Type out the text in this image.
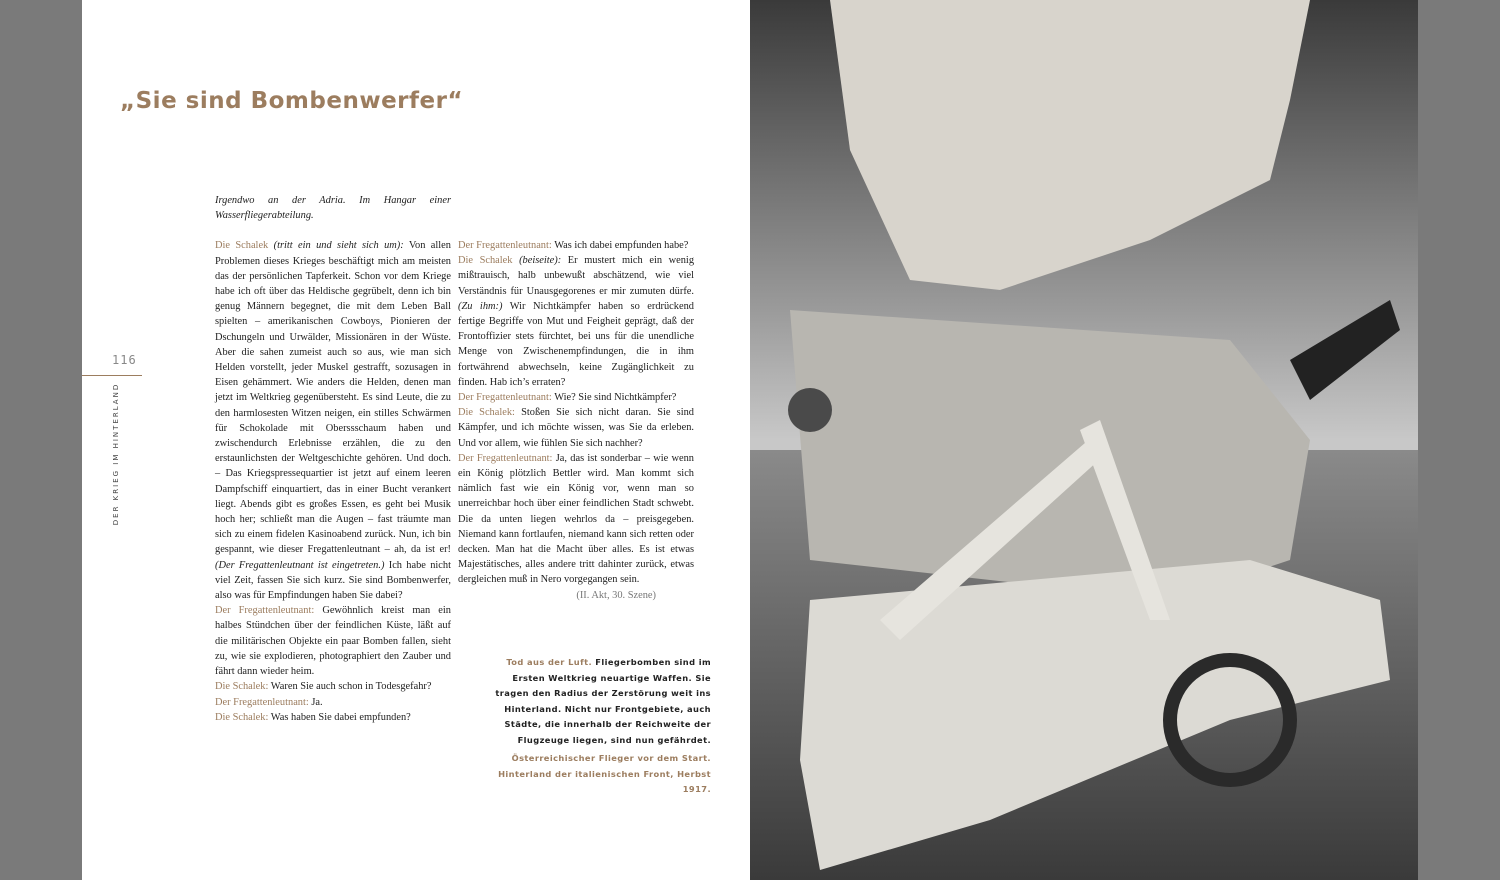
„Sie sind Bombenwerfer“
116
DER KRIEG IM HINTERLAND

Irgendwo an der Adria. Im Hangar einer Wasserfliegerabteilung.

Die Schalek (tritt ein und sieht sich um): Von allen Problemen dieses Krieges beschäftigt mich am meisten das der persönlichen Tapferkeit. Schon vor dem Kriege habe ich oft über das Heldische gegrübelt, denn ich bin genug Männern begegnet, die mit dem Leben Ball spielten – amerikanischen Cowboys, Pionieren der Dschungeln und Urwälder, Missionären in der Wüste. Aber die sahen zumeist auch so aus, wie man sich Helden vorstellt, jeder Muskel gestrafft, sozusagen in Eisen gehämmert. Wie anders die Helden, denen man jetzt im Weltkrieg gegenübersteht. Es sind Leute, die zu den harmlosesten Witzen neigen, ein stilles Schwärmen für Schokolade mit Oberssschaum haben und zwischendurch Erlebnisse erzählen, die zu den erstaunlichsten der Weltgeschichte gehören. Und doch. – Das Kriegspressequartier ist jetzt auf einem leeren Dampfschiff einquartiert, das in einer Bucht verankert liegt. Abends gibt es großes Essen, es geht bei Musik hoch her; schließt man die Augen – fast träumte man sich zu einem fidelen Kasinoabend zurück. Nun, ich bin gespannt, wie dieser Fregattenleutnant – ah, da ist er! (Der Fregattenleutnant ist eingetreten.) Ich habe nicht viel Zeit, fassen Sie sich kurz. Sie sind Bombenwerfer, also was für Empfindungen haben Sie dabei?

Der Fregattenleutnant: Gewöhnlich kreist man ein halbes Stündchen über der feindlichen Küste, läßt auf die militärischen Objekte ein paar Bomben fallen, sieht zu, wie sie explodieren, photographiert den Zauber und fährt dann wieder heim.

Die Schalek: Waren Sie auch schon in Todesgefahr?

Der Fregattenleutnant: Ja.

Die Schalek: Was haben Sie dabei empfunden?

Der Fregattenleutnant: Was ich dabei empfunden habe?

Die Schalek (beiseite): Er mustert mich ein wenig mißtrauisch, halb unbewußt abschätzend, wie viel Verständnis für Unausgegorenes er mir zumuten dürfe. (Zu ihm:) Wir Nichtkämpfer haben so erdrückend fertige Begriffe von Mut und Feigheit geprägt, daß der Frontoffizier stets fürchtet, bei uns für die unendliche Menge von Zwischenempfindungen, die in ihm fortwährend abwechseln, keine Zugänglichkeit zu finden. Hab ich’s erraten?

Der Fregattenleutnant: Wie? Sie sind Nichtkämpfer?

Die Schalek: Stoßen Sie sich nicht daran. Sie sind Kämpfer, und ich möchte wissen, was Sie da erleben. Und vor allem, wie fühlen Sie sich nachher?

Der Fregattenleutnant: Ja, das ist sonderbar – wie wenn ein König plötzlich Bettler wird. Man kommt sich nämlich fast wie ein König vor, wenn man so unerreichbar hoch über einer feindlichen Stadt schwebt. Die da unten liegen wehrlos da – preisgegeben. Niemand kann fortlaufen, niemand kann sich retten oder decken. Man hat die Macht über alles. Es ist etwas Majestätisches, alles andere tritt dahinter zurück, etwas dergleichen muß in Nero vorgegangen sein.

(II. Akt, 30. Szene)

Tod aus der Luft. Fliegerbomben sind im Ersten Weltkrieg neuartige Waffen. Sie tragen den Radius der Zerstörung weit ins Hinterland. Nicht nur Frontgebiete, auch Städte, die innerhalb der Reichweite der Flugzeuge liegen, sind nun gefährdet.
Österreichischer Flieger vor dem Start. Hinterland der italienischen Front, Herbst 1917.
